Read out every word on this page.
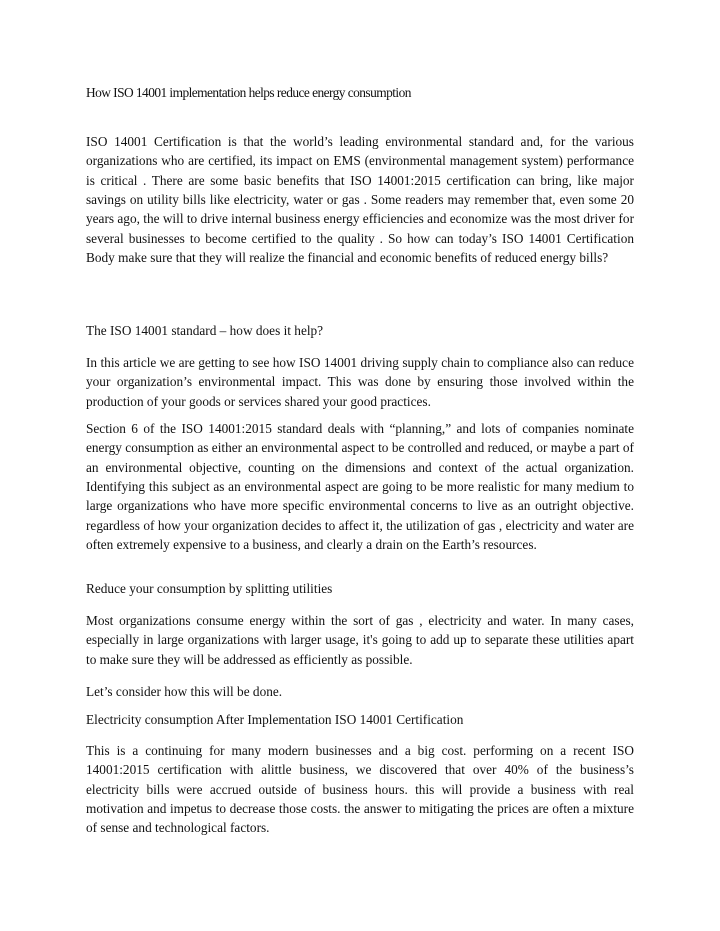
How ISO 14001 implementation helps reduce energy consumption

ISO 14001 Certification is that the world’s leading environmental standard and, for the various organizations who are certified, its impact on EMS (environmental management system) performance is critical . There are some basic benefits that ISO 14001:2015 certification can bring, like major savings on utility bills like electricity, water or gas . Some readers may remember that, even some 20 years ago, the will to drive internal business energy efficiencies and economize was the most driver for several businesses to become certified to the quality . So how can today’s ISO 14001 Certification Body make sure that they will realize the financial and economic benefits of reduced energy bills?

The ISO 14001 standard – how does it help?

In this article we are getting to see how ISO 14001 driving supply chain to compliance also can reduce your organization’s environmental impact. This was done by ensuring those involved within the production of your goods or services shared your good practices.

Section 6 of the ISO 14001:2015 standard deals with “planning,” and lots of companies nominate energy consumption as either an environmental aspect to be controlled and reduced, or maybe a part of an environmental objective, counting on the dimensions and context of the actual organization. Identifying this subject as an environmental aspect are going to be more realistic for many medium to large organizations who have more specific environmental concerns to live as an outright objective. regardless of how your organization decides to affect it, the utilization of gas , electricity and water are often extremely expensive to a business, and clearly a drain on the Earth’s resources.

Reduce your consumption by splitting utilities

Most organizations consume energy within the sort of gas , electricity and water. In many cases, especially in large organizations with larger usage, it's going to add up to separate these utilities apart to make sure they will be addressed as efficiently as possible.

Let’s consider how this will be done.

Electricity consumption After Implementation ISO 14001 Certification

This is a continuing for many modern businesses and a big cost. performing on a recent ISO 14001:2015 certification with alittle business, we discovered that over 40% of the business’s electricity bills were accrued outside of business hours. this will provide a business with real motivation and impetus to decrease those costs. the answer to mitigating the prices are often a mixture of sense and technological factors.
